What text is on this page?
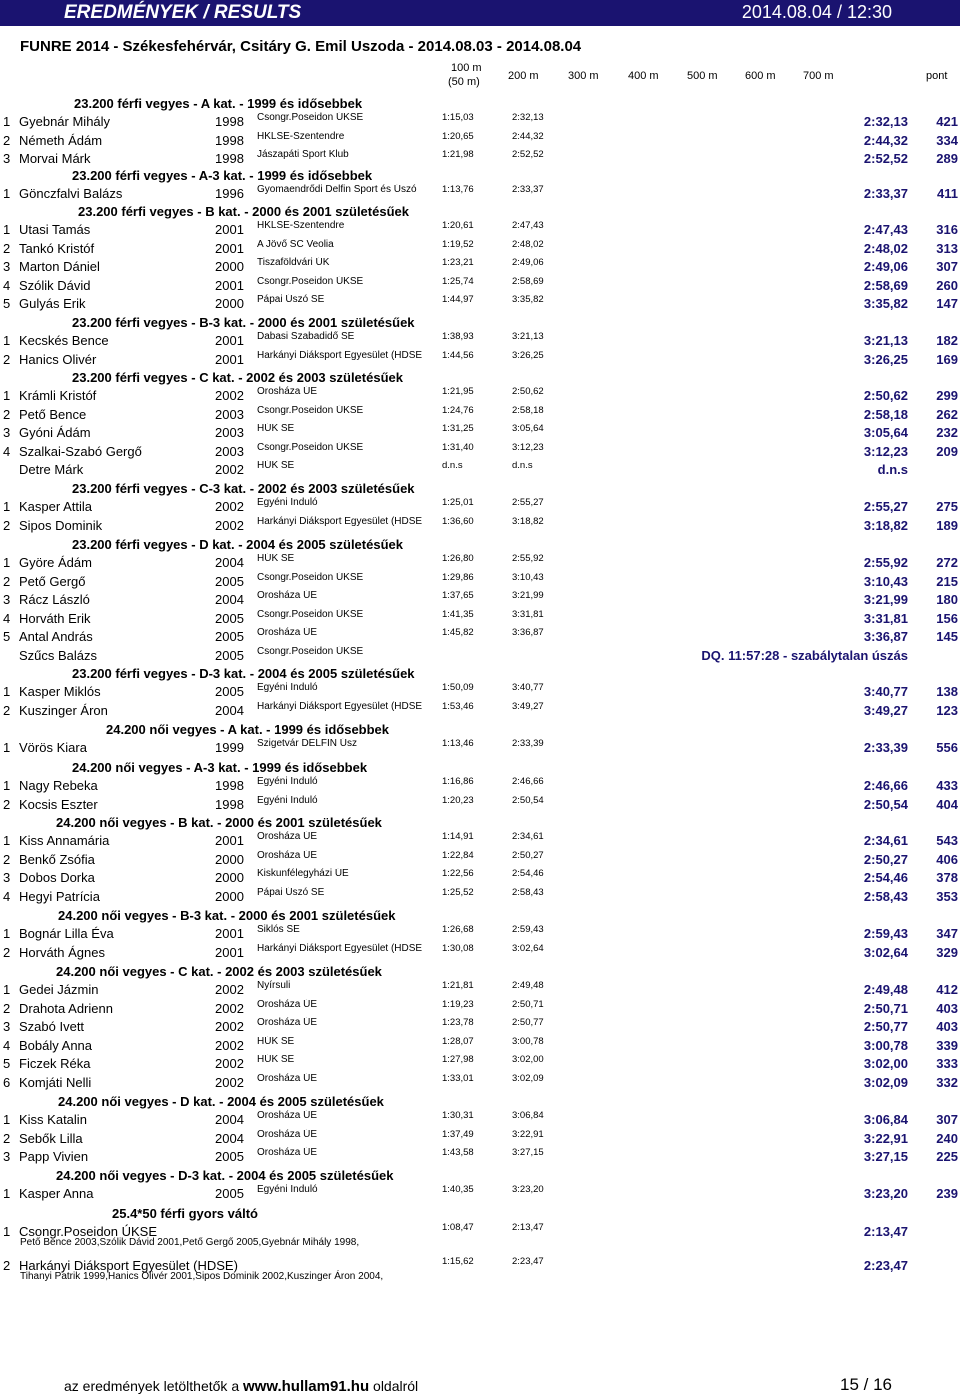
EREDMÉNYEK / RESULTS	2014.08.04 / 12:30
FUNRE 2014 - Székesfehérvár, Csitáry G. Emil Uszoda - 2014.08.03 - 2014.08.04
100 m
(50 m)	200 m	300 m	400 m	500 m 600 m 700 m	pont
23.200 férfi vegyes - A kat. - 1999 és idősebbek
1 Gyebnár Mihály	1998	Csongr.Poseidon ÚKSE	1:15,03	2:32,13	2:32,13	421
2 Németh Ádám	1998	HKLSE-Szentendre	1:20,65	2:44,32	2:44,32	334
3 Morvai Márk	1998	Jászapáti Sport Klub	1:21,98	2:52,52	2:52,52	289
23.200 férfi vegyes - A-3 kat. - 1999 és idősebbek
1 Gönczfalvi Balázs	1996	Gyomaendrődi Delfin Sport és Úszó	1:13,76	2:33,37	2:33,37	411
23.200 férfi vegyes - B kat. - 2000 és 2001 születésűek
1 Utasi Tamás	2001	HKLSE-Szentendre	1:20,61	2:47,43	2:47,43	316
2 Tankó Kristóf	2001	A Jövő SC Veolia	1:19,52	2:48,02	2:48,02	313
3 Marton Dániel	2000	Tiszaföldvári ÚK	1:23,21	2:49,06	2:49,06	307
4 Szólik Dávid	2001	Csongr.Poseidon ÚKSE	1:25,74	2:58,69	2:58,69	260
5 Gulyás Erik	2000	Pápai Úszó SE	1:44,97	3:35,82	3:35,82	147
23.200 férfi vegyes - B-3 kat. - 2000 és 2001 születésűek
1 Kecskés Bence	2001	Dabasi Szabadidő SE	1:38,93	3:21,13	3:21,13	182
2 Hanics Olivér	2001	Harkányi Diáksport Egyesület (HDSE	1:44,56	3:26,25	3:26,25	169
23.200 férfi vegyes - C kat. - 2002 és 2003 születésűek
1 Krámli Kristóf	2002	Orosháza ÚE	1:21,95	2:50,62	2:50,62	299
2 Pető Bence	2003	Csongr.Poseidon ÚKSE	1:24,76	2:58,18	2:58,18	262
3 Gyóni Ádám	2003	HÚK SE	1:31,25	3:05,64	3:05,64	232
4 Szalkai-Szabó Gergő	2003	Csongr.Poseidon ÚKSE	1:31,40	3:12,23	3:12,23	209
Detre Márk	2002	HÚK SE	d.n.s	d.n.s	d.n.s
23.200 férfi vegyes - C-3 kat. - 2002 és 2003 születésűek
1 Kasper Attila	2002	Egyéni Induló	1:25,01	2:55,27	2:55,27	275
2 Sipos Dominik	2002	Harkányi Diáksport Egyesület (HDSE	1:36,60	3:18,82	3:18,82	189
23.200 férfi vegyes - D kat. - 2004 és 2005 születésűek
1 Györe Ádám	2004	HÚK SE	1:26,80	2:55,92	2:55,92	272
2 Pető Gergő	2005	Csongr.Poseidon ÚKSE	1:29,86	3:10,43	3:10,43	215
3 Rácz László	2004	Orosháza ÚE	1:37,65	3:21,99	3:21,99	180
4 Horváth Erik	2005	Csongr.Poseidon ÚKSE	1:41,35	3:31,81	3:31,81	156
5 Antal András	2005	Orosháza ÚE	1:45,82	3:36,87	3:36,87	145
Szűcs Balázs	2005	Csongr.Poseidon ÚKSE	DQ. 11:57:28 - szabálytalan úszás
23.200 férfi vegyes - D-3 kat. - 2004 és 2005 születésűek
1 Kasper Miklós	2005	Egyéni Induló	1:50,09	3:40,77	3:40,77	138
2 Kuszinger Áron	2004	Harkányi Diáksport Egyesület (HDSE	1:53,46	3:49,27	3:49,27	123
24.200 női vegyes - A kat. - 1999 és idősebbek
1 Vörös Kiara	1999	Szigetvár DELFIN Úsz	1:13,46	2:33,39	2:33,39	556
24.200 női vegyes - A-3 kat. - 1999 és idősebbek
1 Nagy Rebeka	1998	Egyéni Induló	1:16,86	2:46,66	2:46,66	433
2 Kocsis Eszter	1998	Egyéni Induló	1:20,23	2:50,54	2:50,54	404
24.200 női vegyes - B kat. - 2000 és 2001 születésűek
1 Kiss Annamária	2001	Orosháza ÚE	1:14,91	2:34,61	2:34,61	543
2 Benkő Zsófia	2000	Orosháza ÚE	1:22,84	2:50,27	2:50,27	406
3 Dobos Dorka	2000	Kiskunfélegyházi ÚE	1:22,56	2:54,46	2:54,46	378
4 Hegyi Patrícia	2000	Pápai Úszó SE	1:25,52	2:58,43	2:58,43	353
24.200 női vegyes - B-3 kat. - 2000 és 2001 születésűek
1 Bognár Lilla Éva	2001	Siklós SE	1:26,68	2:59,43	2:59,43	347
2 Horváth Ágnes	2001	Harkányi Diáksport Egyesület (HDSE	1:30,08	3:02,64	3:02,64	329
24.200 női vegyes - C kat. - 2002 és 2003 születésűek
1 Gedei Jázmin	2002	Nyírsuli	1:21,81	2:49,48	2:49,48	412
2 Drahota Adrienn	2002	Orosháza ÚE	1:19,23	2:50,71	2:50,71	403
3 Szabó Ivett	2002	Orosháza ÚE	1:23,78	2:50,77	2:50,77	403
4 Bobály Anna	2002	HÚK SE	1:28,07	3:00,78	3:00,78	339
5 Ficzek Réka	2002	HÚK SE	1:27,98	3:02,00	3:02,00	333
6 Komjáti Nelli	2002	Orosháza ÚE	1:33,01	3:02,09	3:02,09	332
24.200 női vegyes - D kat. - 2004 és 2005 születésűek
1 Kiss Katalin	2004	Orosháza ÚE	1:30,31	3:06,84	3:06,84	307
2 Sebők Lilla	2004	Orosháza ÚE	1:37,49	3:22,91	3:22,91	240
3 Papp Vivien	2005	Orosháza ÚE	1:43,58	3:27,15	3:27,15	225
24.200 női vegyes - D-3 kat. - 2004 és 2005 születésűek
1 Kasper Anna	2005	Egyéni Induló	1:40,35	3:23,20	3:23,20	239
25.4*50 férfi gyors váltó
1 Csongr.Poseidon ÚKSE	1:08,47	2:13,47	2:13,47
Pető Bence 2003,Szólik Dávid 2001,Pető Gergő 2005,Gyebnár Mihály 1998,
2 Harkányi Diáksport Egyesület (HDSE)	1:15,62	2:23,47	2:23,47
Tihanyi Patrik 1999,Hanics Olivér 2001,Sipos Dominik 2002,Kuszinger Áron 2004,
az eredmények letölthetők a www.hullam91.hu oldalról	15 / 16
